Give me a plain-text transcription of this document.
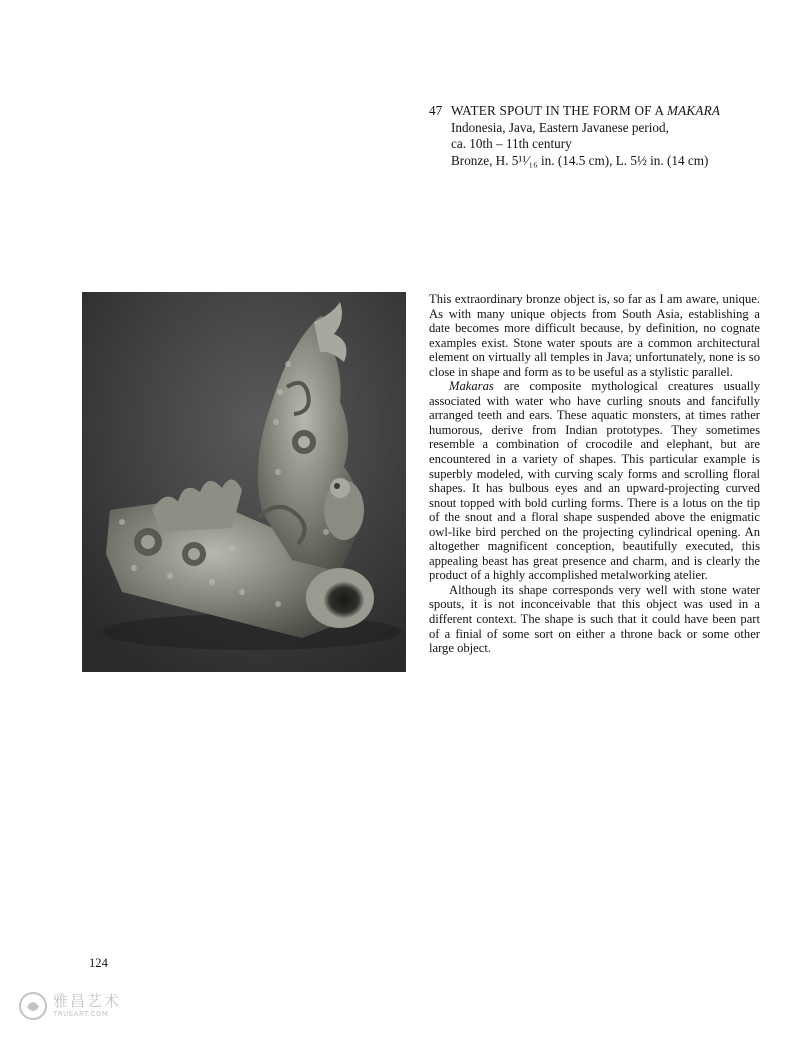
47 WATER SPOUT IN THE FORM OF A MAKARA
Indonesia, Java, Eastern Javanese period,
ca. 10th – 11th century
Bronze, H. 5¹¹⁄₁₆ in. (14.5 cm), L. 5½ in. (14 cm)

This extraordinary bronze object is, so far as I am aware, unique. As with many unique objects from South Asia, establishing a date becomes more difficult because, by definition, no cognate examples exist. Stone water spouts are a common architectural element on virtually all temples in Java; unfortunately, none is so close in shape and form as to be useful as a stylistic parallel.

Makaras are composite mythological creatures usually associated with water who have curling snouts and fancifully arranged teeth and ears. These aquatic monsters, at times rather humorous, derive from Indian prototypes. They sometimes resemble a combination of crocodile and elephant, but are encountered in a variety of shapes. This particular example is superbly modeled, with curving scaly forms and scrolling floral shapes. It has bulbous eyes and an upward-projecting curved snout topped with bold curling forms. There is a lotus on the tip of the snout and a floral shape suspended above the enigmatic owl-like bird perched on the projecting cylindrical opening. An altogether magnificent conception, beautifully executed, this appealing beast has great presence and charm, and is clearly the product of a highly accomplished metalworking atelier.

Although its shape corresponds very well with stone water spouts, it is not inconceivable that this object was used in a different context. The shape is such that it could have been part of a finial of some sort on either a throne back or some other large object.

124
雅昌艺术
TRUEART.COM
